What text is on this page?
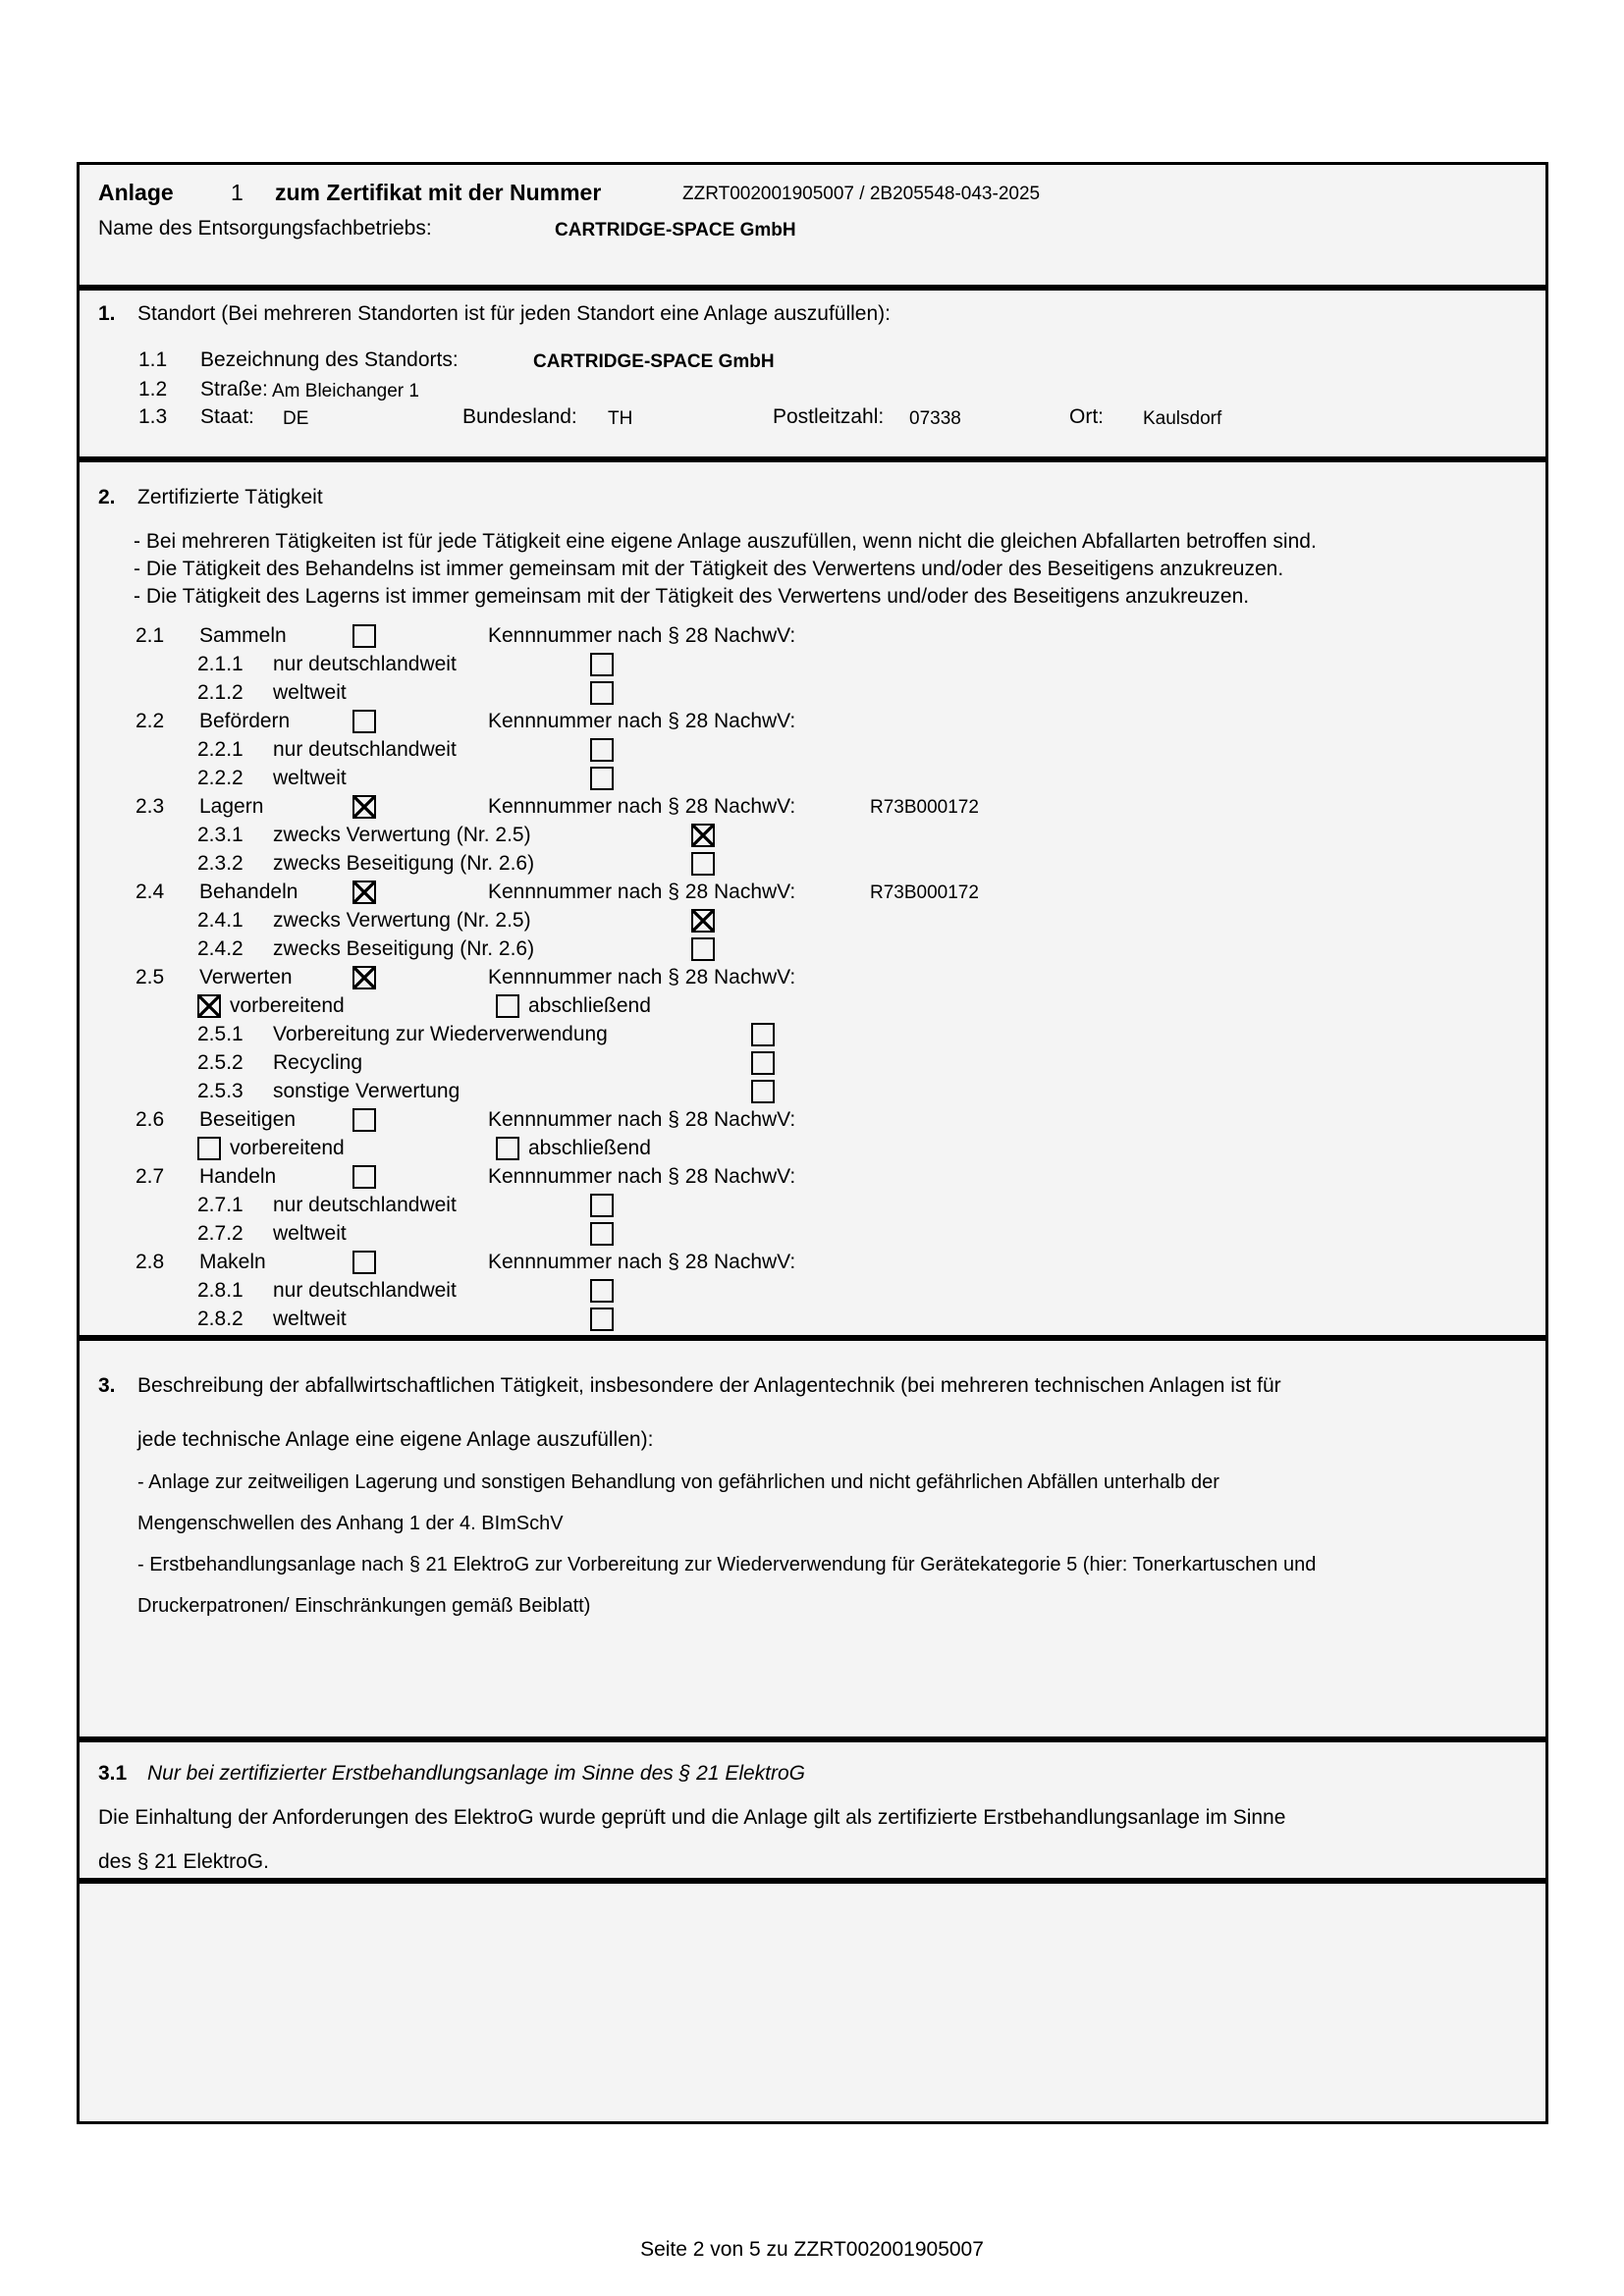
Anlage	1 zum Zertifikat mit der Nummer	ZZRT002001905007 / 2B205548-043-2025
Name des Entsorgungsfachbetriebs:	CARTRIDGE-SPACE GmbH
1. Standort (Bei mehreren Standorten ist für jeden Standort eine Anlage auszufüllen):
1.1 Bezeichnung des Standorts:	CARTRIDGE-SPACE GmbH
1.2 Straße: Am Bleichanger 1
1.3 Staat: DE	Bundesland: TH	Postleitzahl: 07338	Ort: Kaulsdorf
2. Zertifizierte Tätigkeit
- Bei mehreren Tätigkeiten ist für jede Tätigkeit eine eigene Anlage auszufüllen, wenn nicht die gleichen Abfallarten betroffen sind.
- Die Tätigkeit des Behandelns ist immer gemeinsam mit der Tätigkeit des Verwertens und/oder des Beseitigens anzukreuzen.
- Die Tätigkeit des Lagerns ist immer gemeinsam mit der Tätigkeit des Verwertens und/oder des Beseitigens anzukreuzen.
2.1 Sammeln	Kennnummer nach § 28 NachwV:
2.1.1 nur deutschlandweit
2.1.2 weltweit
2.2 Befördern	Kennnummer nach § 28 NachwV:
2.2.1 nur deutschlandweit
2.2.2 weltweit
2.3 Lagern	Kennnummer nach § 28 NachwV:	R73B000172
2.3.1 zwecks Verwertung (Nr. 2.5)
2.3.2 zwecks Beseitigung (Nr. 2.6)
2.4 Behandeln	Kennnummer nach § 28 NachwV:	R73B000172
2.4.1 zwecks Verwertung (Nr. 2.5)
2.4.2 zwecks Beseitigung (Nr. 2.6)
2.5 Verwerten	Kennnummer nach § 28 NachwV:
vorbereitend	abschließend
2.5.1 Vorbereitung zur Wiederverwendung
2.5.2 Recycling
2.5.3 sonstige Verwertung
2.6 Beseitigen	Kennnummer nach § 28 NachwV:
vorbereitend	abschließend
2.7 Handeln	Kennnummer nach § 28 NachwV:
2.7.1 nur deutschlandweit
2.7.2 weltweit
2.8 Makeln	Kennnummer nach § 28 NachwV:
2.8.1 nur deutschlandweit
2.8.2 weltweit
3. Beschreibung der abfallwirtschaftlichen Tätigkeit, insbesondere der Anlagentechnik (bei mehreren technischen Anlagen ist für
jede technische Anlage eine eigene Anlage auszufüllen):
- Anlage zur zeitweiligen Lagerung und sonstigen Behandlung von gefährlichen und nicht gefährlichen Abfällen unterhalb der
Mengenschwellen des Anhang 1 der 4. BImSchV
- Erstbehandlungsanlage nach § 21 ElektroG zur Vorbereitung zur Wiederverwendung für Gerätekategorie 5 (hier: Tonerkartuschen und
Druckerpatronen/ Einschränkungen gemäß Beiblatt)
3.1 Nur bei zertifizierter Erstbehandlungsanlage im Sinne des § 21 ElektroG
Die Einhaltung der Anforderungen des ElektroG wurde geprüft und die Anlage gilt als zertifizierte Erstbehandlungsanlage im Sinne
des § 21 ElektroG.
Seite 2 von 5 zu ZZRT002001905007
